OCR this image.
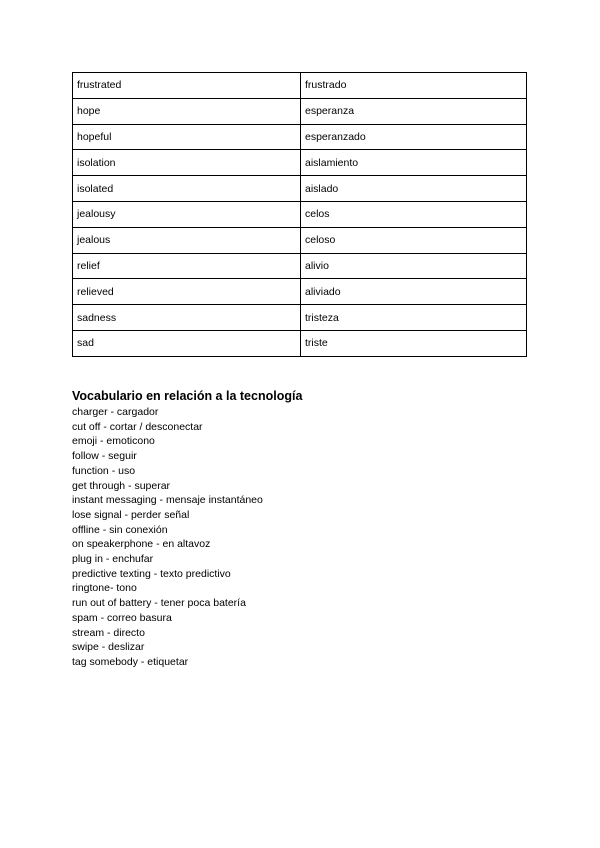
frustrated	frustrado
hope	esperanza
hopeful	esperanzado
isolation	aislamiento
isolated	aislado
jealousy	celos
jealous	celoso
relief	alivio
relieved	aliviado
sadness	tristeza
sad	triste
Vocabulario en relación a la tecnología
charger - cargador
cut off - cortar / desconectar
emoji - emoticono
follow - seguir
function - uso
get through - superar
instant messaging - mensaje instantáneo
lose signal - perder señal
offline - sin conexión
on speakerphone - en altavoz
plug in - enchufar
predictive texting - texto predictivo
ringtone- tono
run out of battery - tener poca batería
spam - correo basura
stream - directo
swipe - deslizar
tag somebody - etiquetar
